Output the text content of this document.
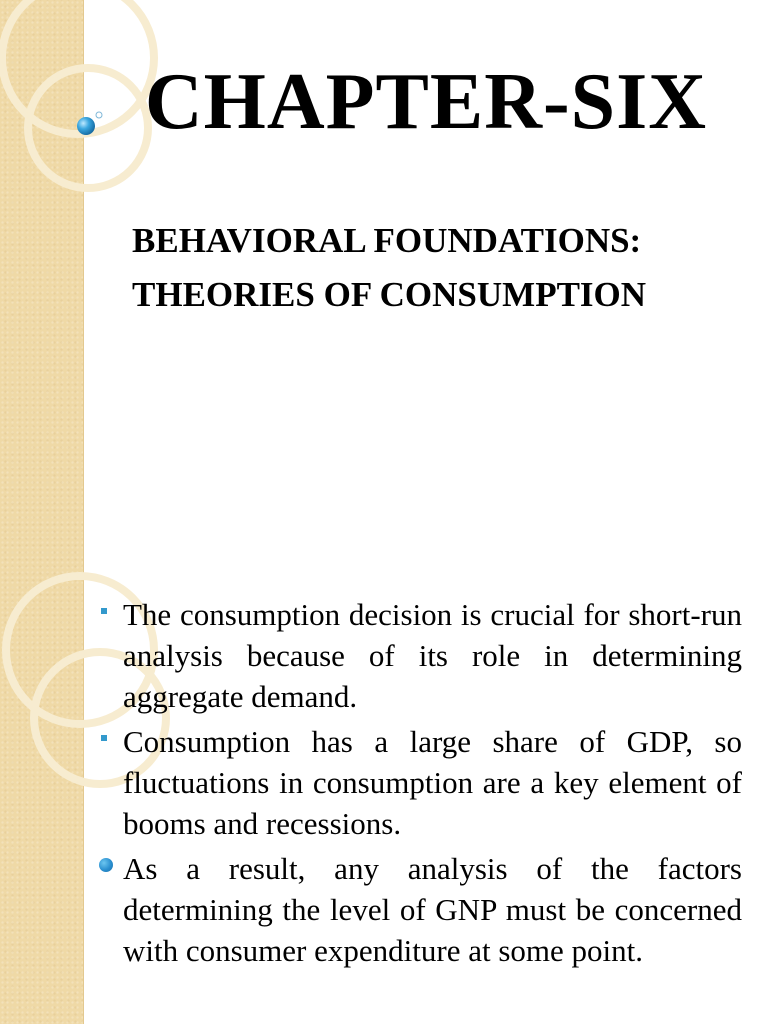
CHAPTER-SIX
BEHAVIORAL FOUNDATIONS:
THEORIES OF CONSUMPTION
The consumption decision is crucial for short-run analysis because of its role in determining aggregate demand.
Consumption has a large share of GDP, so fluctuations in consumption are a key element of booms and recessions.
As a result, any analysis of the factors determining the level of GNP must be concerned with consumer expenditure at some point.
